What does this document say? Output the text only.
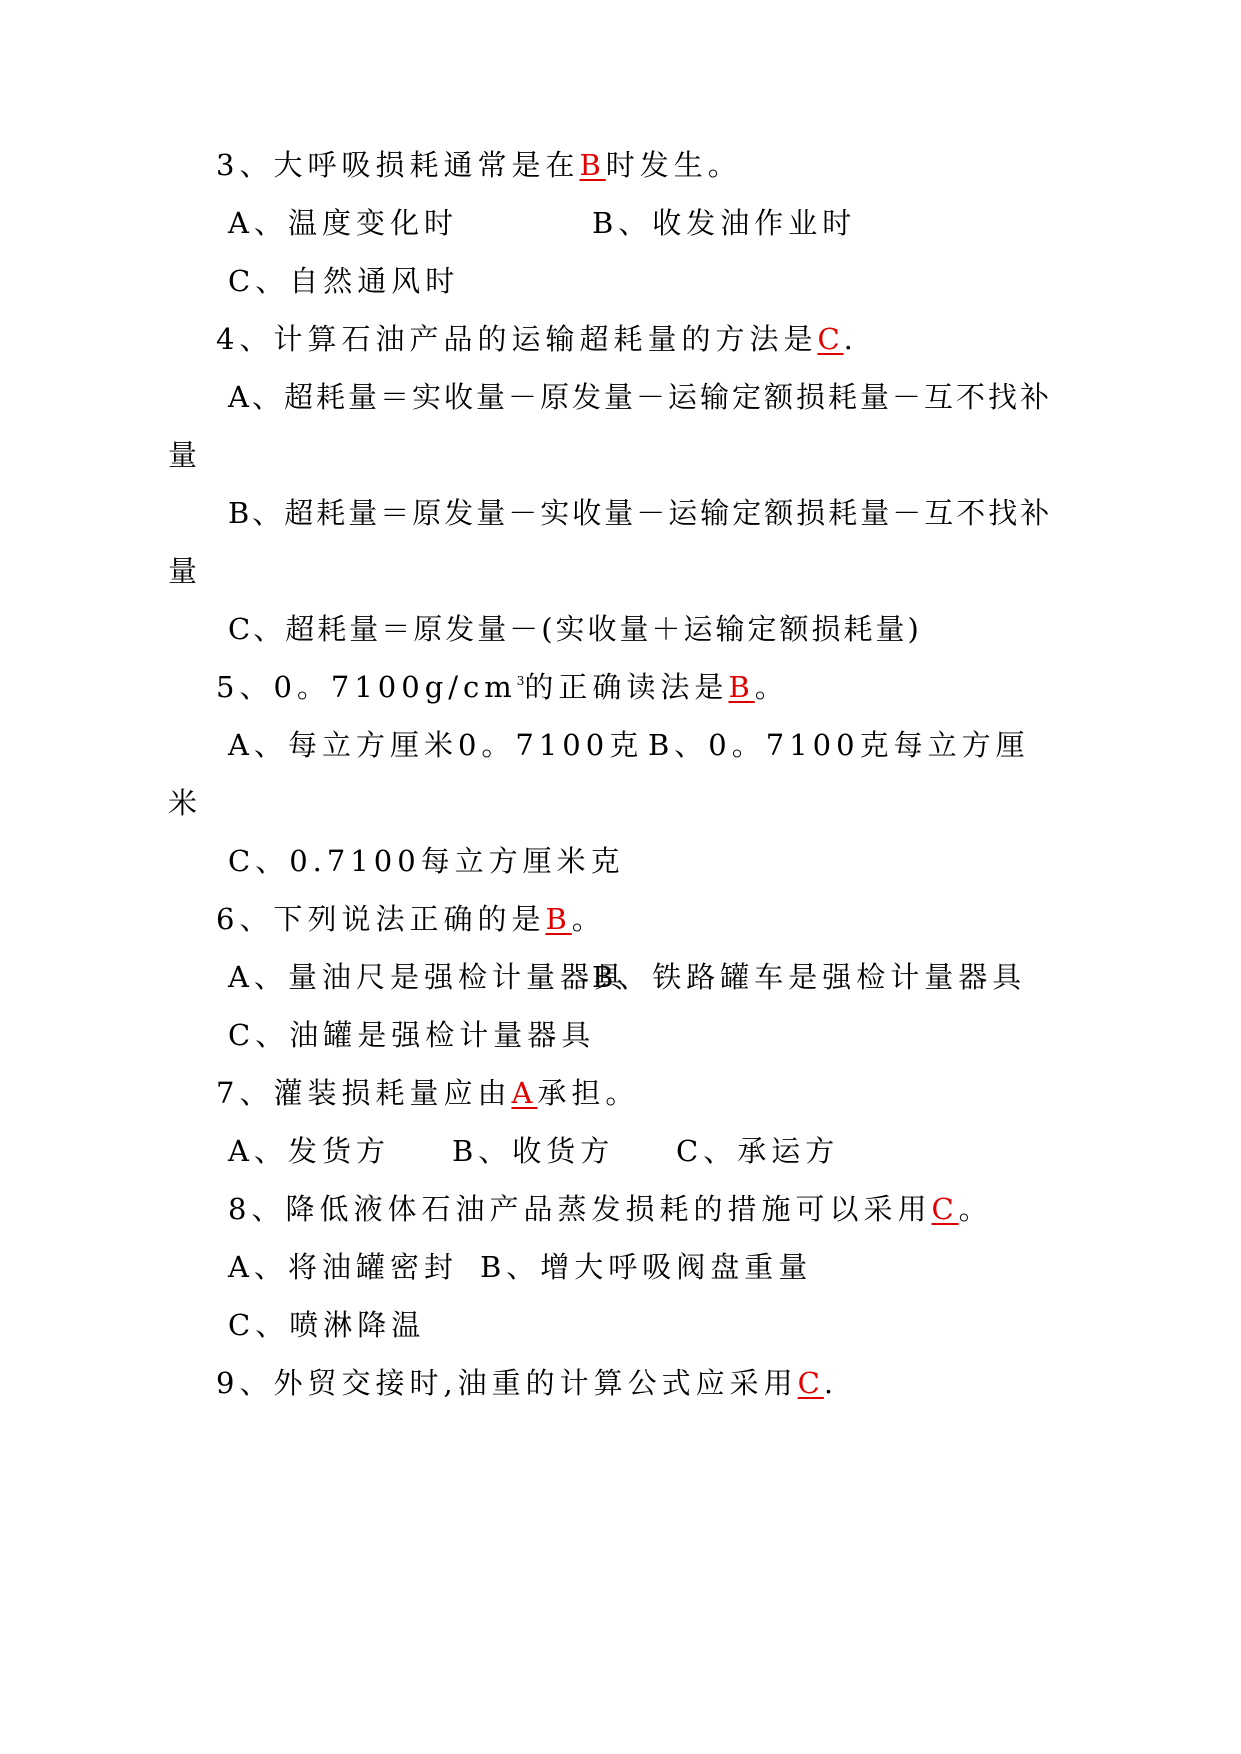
3、大呼吸损耗通常是在B时发生。
A、温度变化时	B、收发油作业时
C、自然通风时
4、计算石油产品的运输超耗量的方法是C.
A、超耗量＝实收量－原发量－运输定额损耗量－互不找补
量
B、超耗量＝原发量－实收量－运输定额损耗量－互不找补
量
C、超耗量＝原发量－(实收量＋运输定额损耗量)
5、0。$7100g/cm^3$的正确读法是B。
A、每立方厘米0。7100克 B、0。7100克每立方厘
米
C、0.7100每立方厘米克
6、下列说法正确的是B。
A、量油尺是强检计量器具
B、铁路罐车是强检计量器具
C、油罐是强检计量器具
7、灌装损耗量应由A承担。
A、发货方 B、收货方 C、承运方
8、降低液体石油产品蒸发损耗的措施可以采用C。
A、将油罐密封 B、增大呼吸阀盘重量
C、喷淋降温
9、外贸交接时,油重的计算公式应采用C.
